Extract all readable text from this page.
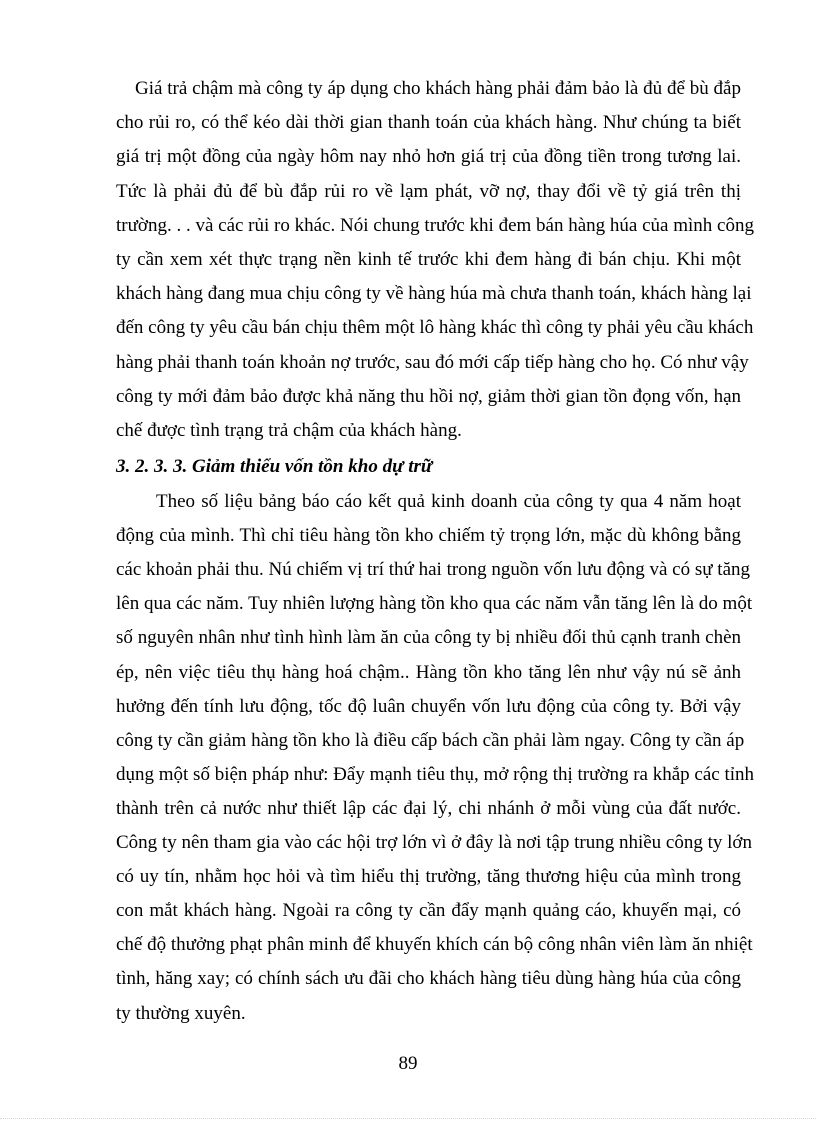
Giá trả chậm mà công ty áp dụng cho khách hàng phải đảm bảo là đủ để bù đắp
cho rủi ro, có thể kéo dài thời gian thanh toán của khách hàng. Như chúng ta biết
giá trị một đồng của ngày hôm nay nhỏ hơn giá trị của đồng tiền trong tương lai.
Tức là phải đủ để bù đắp rủi ro về lạm phát, vỡ nợ, thay đổi về tỷ giá trên thị
trường. . . và các rủi ro khác. Nói chung trước khi đem bán hàng húa của mình công
ty cần xem xét thực trạng nền kinh tế trước khi đem hàng đi bán chịu. Khi một
khách hàng đang mua chịu công ty về hàng húa mà chưa thanh toán, khách hàng lại
đến công ty yêu cầu bán chịu thêm một lô hàng khác thì công ty phải yêu cầu khách
hàng phải thanh toán khoản nợ trước, sau đó mới cấp tiếp hàng cho họ. Có như vậy
công ty mới đảm bảo được khả năng thu hồi nợ, giảm thời gian tồn đọng vốn, hạn
chế được tình trạng trả chậm của khách hàng.
3. 2. 3. 3. Giảm thiểu vốn tồn kho dự trữ
Theo số liệu bảng báo cáo kết quả kinh doanh của công ty qua 4 năm hoạt
động của mình. Thì chỉ tiêu hàng tồn kho chiếm tỷ trọng lớn, mặc dù không bằng
các khoản phải thu. Nú chiếm vị trí thứ hai trong nguồn vốn lưu động và có sự tăng
lên qua các năm. Tuy nhiên lượng hàng tồn kho qua các năm vẫn tăng lên là do một
số nguyên nhân như tình hình làm ăn của công ty bị nhiều đối thủ cạnh tranh chèn
ép, nên việc tiêu thụ hàng hoá chậm.. Hàng tồn kho tăng lên như vậy nú sẽ ảnh
hưởng đến tính lưu động, tốc độ luân chuyển vốn lưu động của công ty. Bởi vậy
công ty cần giảm hàng tồn kho là điều cấp bách cần phải làm ngay. Công ty cần áp
dụng một số biện pháp như: Đẩy mạnh tiêu thụ, mở rộng thị trường ra khắp các tỉnh
thành trên cả nước như thiết lập các đại lý, chi nhánh ở mỗi vùng của đất nước.
Công ty nên tham gia vào các hội trợ lớn vì ở đây là nơi tập trung nhiều công ty lớn
có uy tín, nhằm học hỏi và tìm hiểu thị trường, tăng thương hiệu của mình trong
con mắt khách hàng. Ngoài ra công ty cần đẩy mạnh quảng cáo, khuyến mại, có
chế độ thưởng phạt phân minh để khuyến khích cán bộ công nhân viên làm ăn nhiệt
tình, hăng xay; có chính sách ưu đãi cho khách hàng tiêu dùng hàng húa của công
ty thường xuyên.
89
